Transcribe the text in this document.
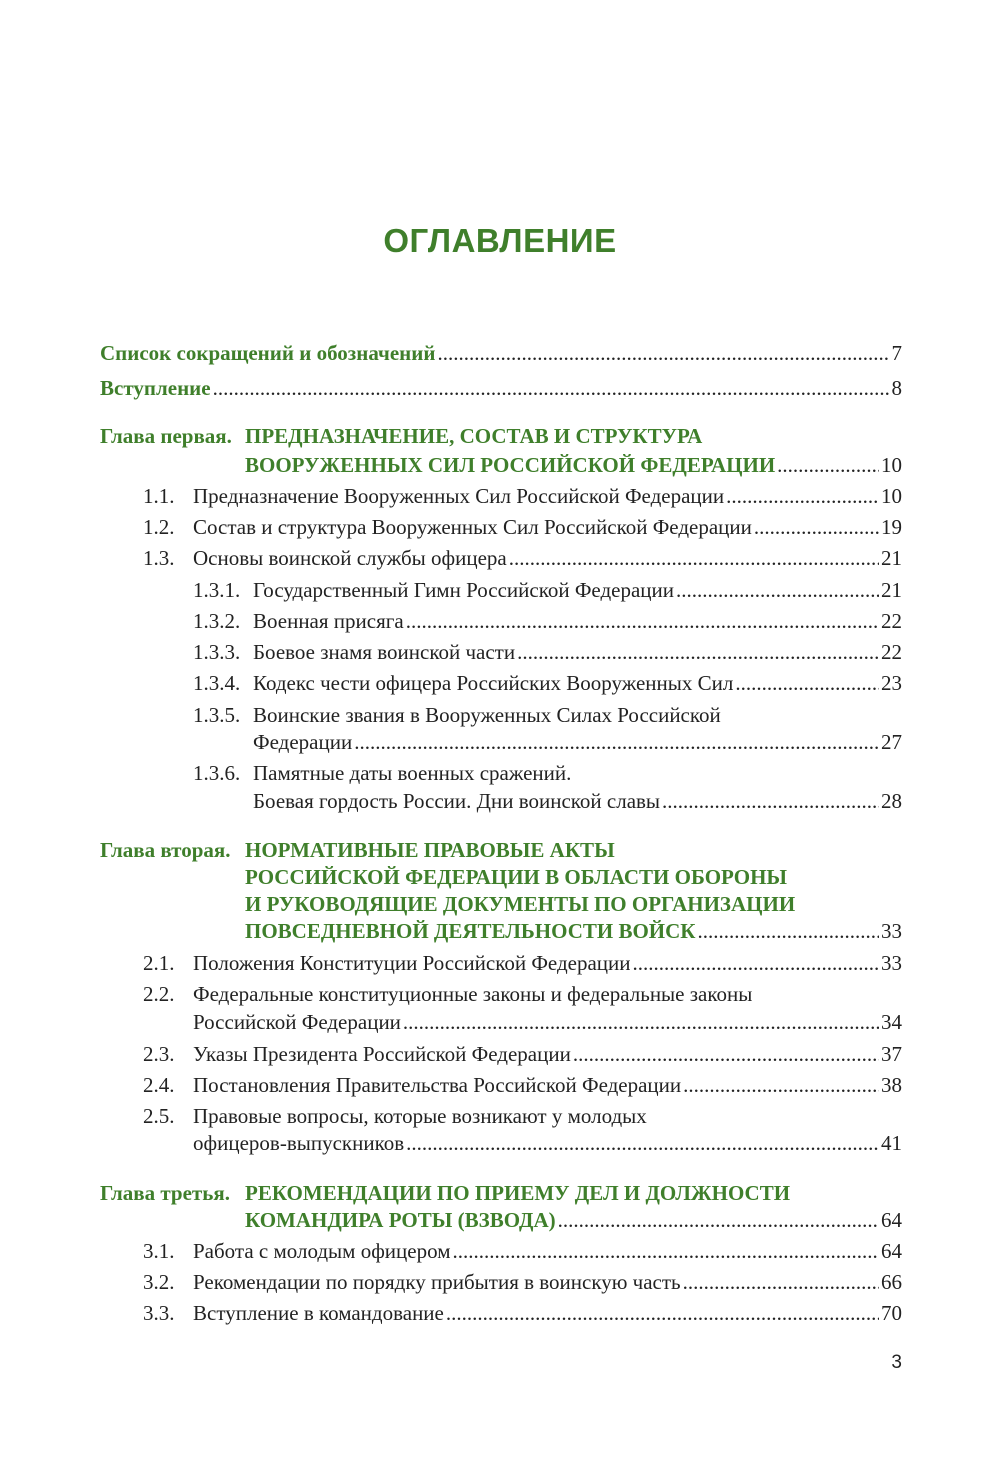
ОГЛАВЛЕНИЕ
Список сокращений и обозначений .....	7
Вступление .....	8
Глава первая. ПРЕДНАЗНАЧЕНИЕ, СОСТАВ И СТРУКТУРА
ВООРУЖЕННЫХ СИЛ РОССИЙСКОЙ ФЕДЕРАЦИИ .....	10
1.1. Предназначение Вооруженных Сил Российской Федерации .....	10
1.2. Состав и структура Вооруженных Сил Российской Федерации .....	19
1.3. Основы воинской службы офицера .....	21
1.3.1. Государственный Гимн Российской Федерации .....	21
1.3.2. Военная присяга .....	22
1.3.3. Боевое знамя воинской части .....	22
1.3.4. Кодекс чести офицера Российских Вооруженных Сил .....	23
1.3.5. Воинские звания в Вооруженных Силах Российской
Федерации .....	27
1.3.6. Памятные даты военных сражений.
Боевая гордость России. Дни воинской славы .....	28
Глава вторая. НОРМАТИВНЫЕ ПРАВОВЫЕ АКТЫ
РОССИЙСКОЙ ФЕДЕРАЦИИ В ОБЛАСТИ ОБОРОНЫ
И РУКОВОДЯЩИЕ ДОКУМЕНТЫ ПО ОРГАНИЗАЦИИ
ПОВСЕДНЕВНОЙ ДЕЯТЕЛЬНОСТИ ВОЙСК .....	33
2.1. Положения Конституции Российской Федерации .....	33
2.2. Федеральные конституционные законы и федеральные законы
Российской Федерации .....	34
2.3. Указы Президента Российской Федерации .....	37
2.4. Постановления Правительства Российской Федерации .....	38
2.5. Правовые вопросы, которые возникают у молодых
офицеров-выпускников .....	41
Глава третья. РЕКОМЕНДАЦИИ ПО ПРИЕМУ ДЕЛ И ДОЛЖНОСТИ
КОМАНДИРА РОТЫ (ВЗВОДА) .....	64
3.1. Работа с молодым офицером .....	64
3.2. Рекомендации по порядку прибытия в воинскую часть .....	66
3.3. Вступление в командование .....	70
3
